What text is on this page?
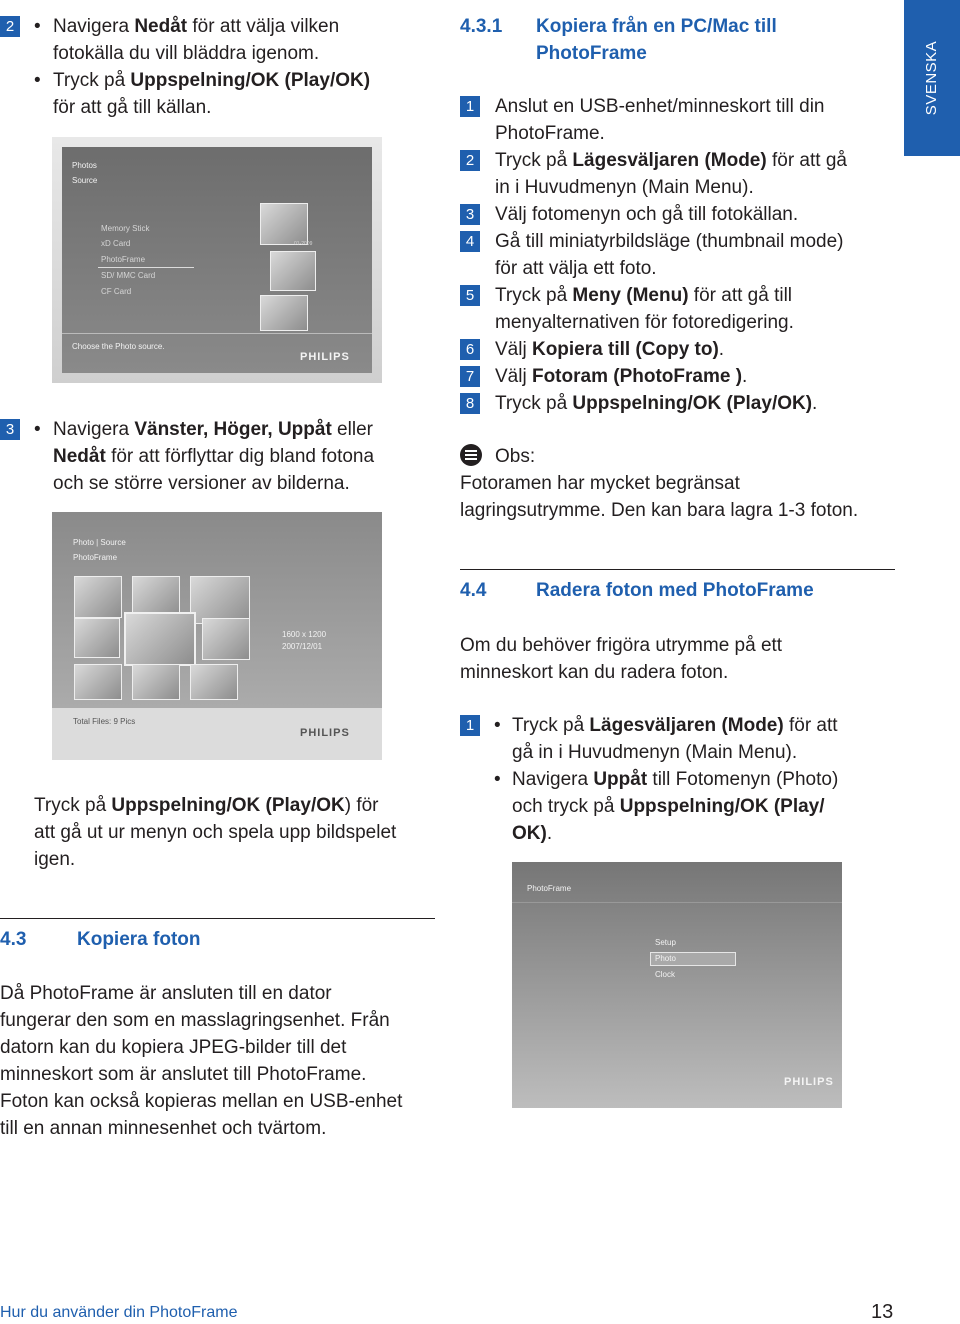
SVENSKA
2	• Navigera Nedåt för att välja vilken
fotokälla du vill bläddra igenom.
• Tryck på Uppspelning/OK (Play/OK)
för att gå till källan.
Photos
Source
Memory Stick
xD Card
PhotoFrame
SD/ MMC Card
CF Card
Choose the Photo source.
PHILIPS
01-2009
3	• Navigera Vänster, Höger, Uppåt eller
Nedåt för att förflyttar dig bland fotona
och se större versioner av bilderna.
Photo | Source
PhotoFrame
1600 x 1200
2007/12/01
Total Files: 9 Pics
PHILIPS
Tryck på Uppspelning/OK (Play/OK) för
att gå ut ur menyn och spela upp bildspelet
igen.
4.3	Kopiera foton
Då PhotoFrame är ansluten till en dator
fungerar den som en masslagringsenhet. Från
datorn kan du kopiera JPEG-bilder till det
minneskort som är anslutet till PhotoFrame.
Foton kan också kopieras mellan en USB-enhet
till en annan minnesenhet och tvärtom.
4.3.1 Kopiera från en PC/Mac till
PhotoFrame
1	Anslut en USB-enhet/minneskort till din
PhotoFrame.
2	Tryck på Lägesväljaren (Mode) för att gå
in i Huvudmenyn (Main Menu).
3	Välj fotomenyn och gå till fotokällan.
4	Gå till miniatyrbildsläge (thumbnail mode)
för att välja ett foto.
5	Tryck på Meny (Menu) för att gå till
menyalternativen för fotoredigering.
6	Välj Kopiera till (Copy to).
7	Välj Fotoram (PhotoFrame ).
8	Tryck på Uppspelning/OK (Play/OK).
Obs:
Fotoramen har mycket begränsat
lagringsutrymme. Den kan bara lagra 1-3 foton.
4.4	Radera foton med PhotoFrame
Om du behöver frigöra utrymme på ett
minneskort kan du radera foton.
1	• Tryck på Lägesväljaren (Mode) för att
gå in i Huvudmenyn (Main Menu).
• Navigera Uppåt till Fotomenyn (Photo)
och tryck på Uppspelning/OK (Play/
OK).
PhotoFrame
Setup
Photo
Clock
PHILIPS
Hur du använder din PhotoFrame	13
